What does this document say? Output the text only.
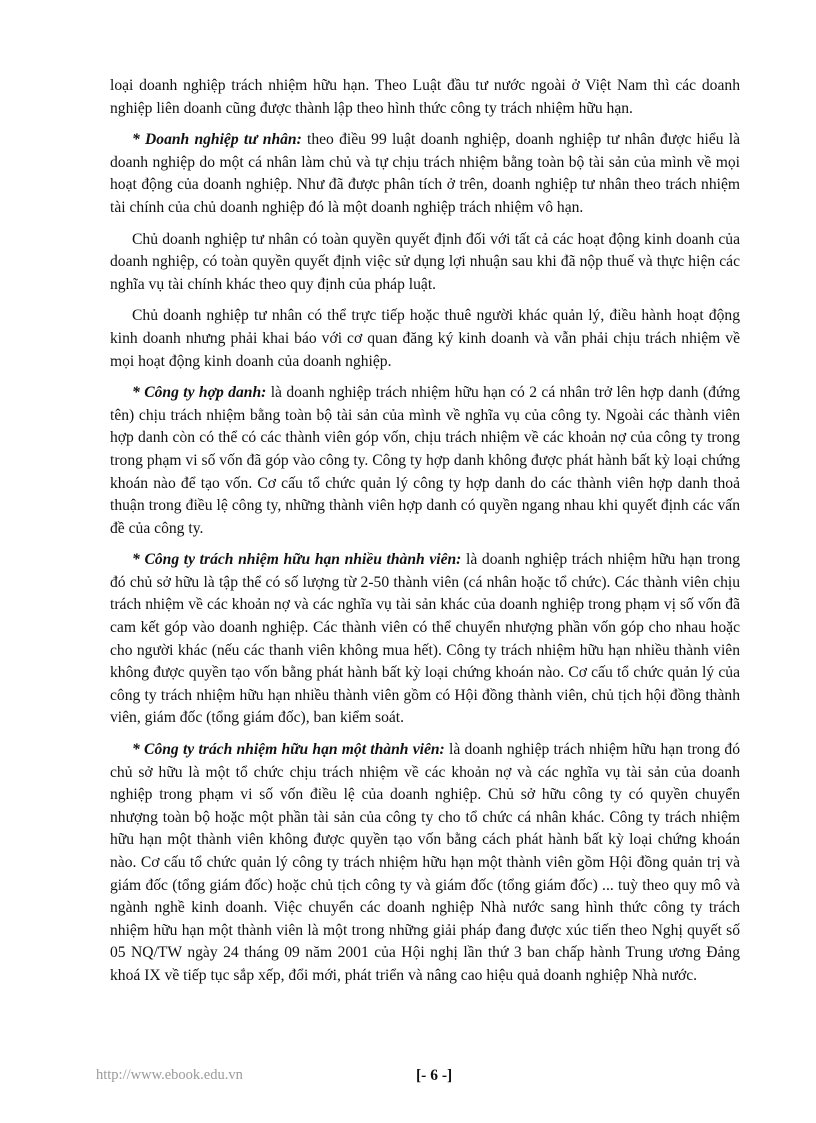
loại doanh nghiệp trách nhiệm hữu hạn. Theo Luật đầu tư nước ngoài ở Việt Nam thì các doanh nghiệp liên doanh cũng được thành lập theo hình thức công ty trách nhiệm hữu hạn.

* Doanh nghiệp tư nhân: theo điều 99 luật doanh nghiệp, doanh nghiệp tư nhân được hiểu là doanh nghiệp do một cá nhân làm chủ và tự chịu trách nhiệm bằng toàn bộ tài sản của mình về mọi hoạt động của doanh nghiệp. Như đã được phân tích ở trên, doanh nghiệp tư nhân theo trách nhiệm tài chính của chủ doanh nghiệp đó là một doanh nghiệp trách nhiệm vô hạn.

Chủ doanh nghiệp tư nhân có toàn quyền quyết định đối với tất cả các hoạt động kinh doanh của doanh nghiệp, có toàn quyền quyết định việc sử dụng lợi nhuận sau khi đã nộp thuế và thực hiện các nghĩa vụ tài chính khác theo quy định của pháp luật.

Chủ doanh nghiệp tư nhân có thể trực tiếp hoặc thuê người khác quản lý, điều hành hoạt động kinh doanh nhưng phải khai báo với cơ quan đăng ký kinh doanh và vẫn phải chịu trách nhiệm về mọi hoạt động kinh doanh của doanh nghiệp.

* Công ty hợp danh: là doanh nghiệp trách nhiệm hữu hạn có 2 cá nhân trở lên hợp danh (đứng tên) chịu trách nhiệm bằng toàn bộ tài sản của mình về nghĩa vụ của công ty. Ngoài các thành viên hợp danh còn có thể có các thành viên góp vốn, chịu trách nhiệm về các khoản nợ của công ty trong trong phạm vi số vốn đã góp vào công ty. Công ty hợp danh không được phát hành bất kỳ loại chứng khoán nào để tạo vốn. Cơ cấu tổ chức quản lý công ty hợp danh do các thành viên hợp danh thoả thuận trong điều lệ công ty, những thành viên hợp danh có quyền ngang nhau khi quyết định các vấn đề của công ty.

* Công ty trách nhiệm hữu hạn nhiều thành viên: là doanh nghiệp trách nhiệm hữu hạn trong đó chủ sở hữu là tập thể có số lượng từ 2-50 thành viên (cá nhân hoặc tổ chức). Các thành viên chịu trách nhiệm về các khoản nợ và các nghĩa vụ tài sản khác của doanh nghiệp trong phạm vị số vốn đã cam kết góp vào doanh nghiệp. Các thành viên có thể chuyển nhượng phần vốn góp cho nhau hoặc cho người khác (nếu các thanh viên không mua hết). Công ty trách nhiệm hữu hạn nhiều thành viên không được quyền tạo vốn bằng phát hành bất kỳ loại chứng khoán nào. Cơ cấu tổ chức quản lý của công ty trách nhiệm hữu hạn nhiều thành viên gồm có Hội đồng thành viên, chủ tịch hội đồng thành viên, giám đốc (tổng giám đốc), ban kiểm soát.

* Công ty trách nhiệm hữu hạn một thành viên: là doanh nghiệp trách nhiệm hữu hạn trong đó chủ sở hữu là một tổ chức chịu trách nhiệm về các khoản nợ và các nghĩa vụ tài sản của doanh nghiệp trong phạm vi số vốn điều lệ của doanh nghiệp. Chủ sở hữu công ty có quyền chuyển nhượng toàn bộ hoặc một phần tài sản của công ty cho tổ chức cá nhân khác. Công ty trách nhiệm hữu hạn một thành viên không được quyền tạo vốn bằng cách phát hành bất kỳ loại chứng khoán nào. Cơ cấu tổ chức quản lý công ty trách nhiệm hữu hạn một thành viên gồm Hội đồng quản trị và giám đốc (tổng giám đốc) hoặc chủ tịch công ty và giám đốc (tổng giám đốc) ... tuỳ theo quy mô và ngành nghề kinh doanh. Việc chuyển các doanh nghiệp Nhà nước sang hình thức công ty trách nhiệm hữu hạn một thành viên là một trong những giải pháp đang được xúc tiến theo Nghị quyết số 05 NQ/TW ngày 24 tháng 09 năm 2001 của Hội nghị lần thứ 3 ban chấp hành Trung ương Đảng khoá IX về tiếp tục sắp xếp, đổi mới, phát triển và nâng cao hiệu quả doanh nghiệp Nhà nước.

http://www.ebook.edu.vn	[- 6 -]
